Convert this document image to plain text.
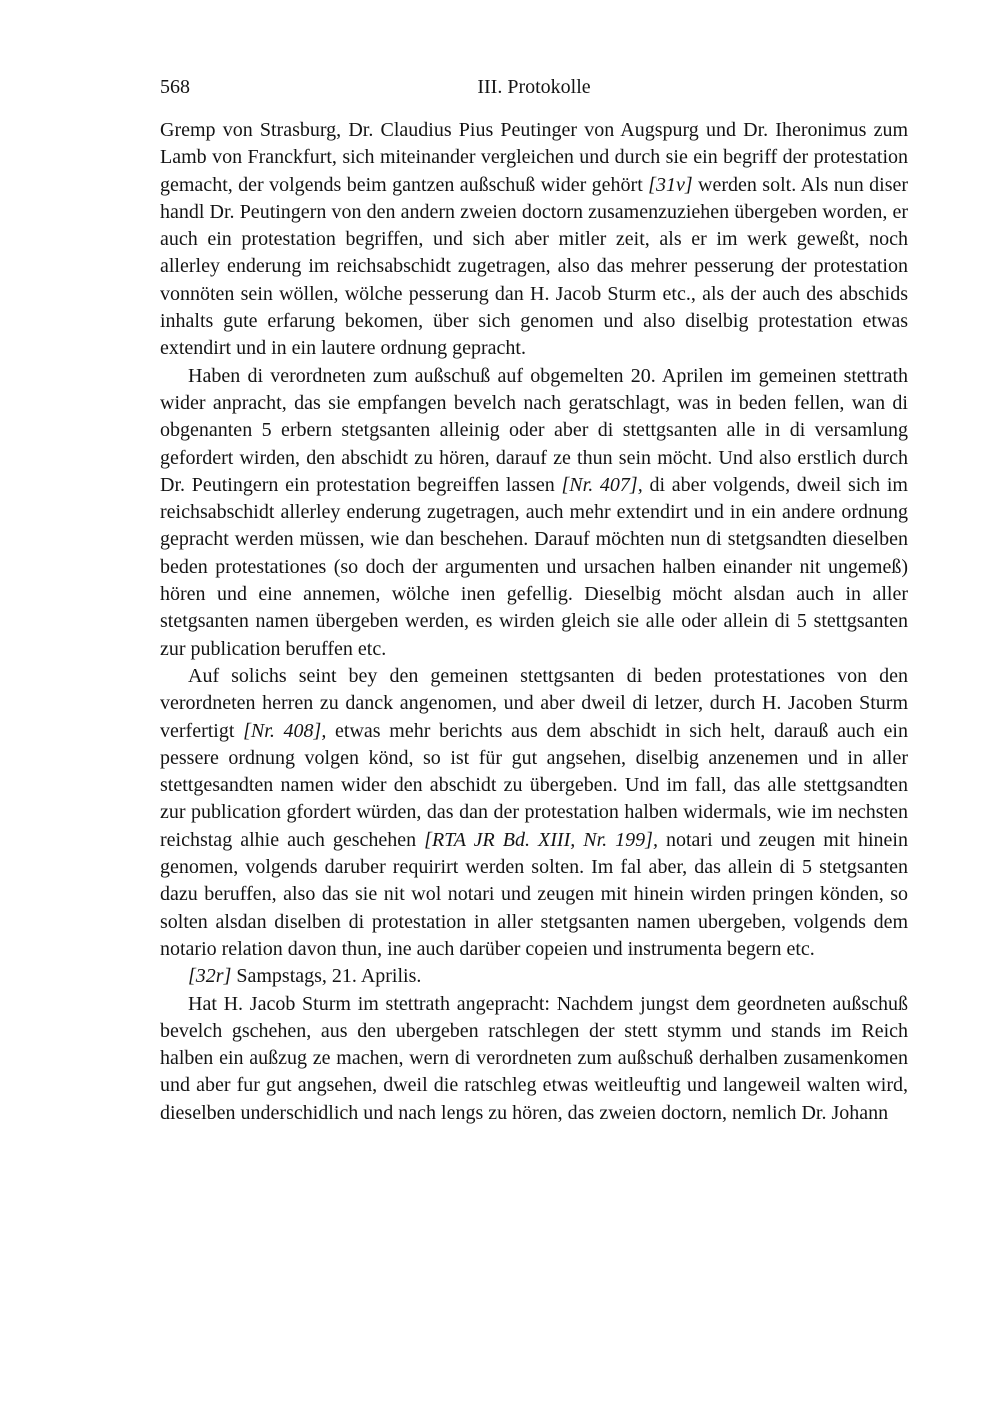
568	III. Protokolle

Gremp von Strasburg, Dr. Claudius Pius Peutinger von Augspurg und Dr. Iheronimus zum Lamb von Franckfurt, sich miteinander vergleichen und durch sie ein begriff der protestation gemacht, der volgends beim gantzen außschuß wider gehört [31v] werden solt. Als nun diser handl Dr. Peutingern von den andern zweien doctorn zusamenzuziehen übergeben worden, er auch ein protestation begriffen, und sich aber mitler zeit, als er im werk geweßt, noch allerley enderung im reichsabschidt zugetragen, also das mehrer pesserung der protestation vonnöten sein wöllen, wölche pesserung dan H. Jacob Sturm etc., als der auch des abschids inhalts gute erfarung bekomen, über sich genomen und also diselbig protestation etwas extendirt und in ein lautere ordnung gepracht.

Haben di verordneten zum außschuß auf obgemelten 20. Aprilen im gemeinen stettrath wider anpracht, das sie empfangen bevelch nach geratschlagt, was in beden fellen, wan di obgenanten 5 erbern stetgsanten alleinig oder aber di stettgsanten alle in di versamlung gefordert wirden, den abschidt zu hören, darauf ze thun sein möcht. Und also erstlich durch Dr. Peutingern ein protestation begreiffen lassen [Nr. 407], di aber volgends, dweil sich im reichsabschidt allerley enderung zugetragen, auch mehr extendirt und in ein andere ordnung gepracht werden müssen, wie dan beschehen. Darauf möchten nun di stetgsandten dieselben beden protestationes (so doch der argumenten und ursachen halben einander nit ungemeß) hören und eine annemen, wölche inen gefellig. Dieselbig möcht alsdan auch in aller stetgsanten namen übergeben werden, es wirden gleich sie alle oder allein di 5 stettgsanten zur publication beruffen etc.

Auf solichs seint bey den gemeinen stettgsanten di beden protestationes von den verordneten herren zu danck angenomen, und aber dweil di letzer, durch H. Jacoben Sturm verfertigt [Nr. 408], etwas mehr berichts aus dem abschidt in sich helt, darauß auch ein pessere ordnung volgen könd, so ist für gut angsehen, diselbig anzenemen und in aller stettgesandten namen wider den abschidt zu übergeben. Und im fall, das alle stettgsandten zur publication gfordert würden, das dan der protestation halben widermals, wie im nechsten reichstag alhie auch geschehen [RTA JR Bd. XIII, Nr. 199], notari und zeugen mit hinein genomen, volgends daruber requirirt werden solten. Im fal aber, das allein di 5 stetgsanten dazu beruffen, also das sie nit wol notari und zeugen mit hinein wirden pringen könden, so solten alsdan diselben di protestation in aller stetgsanten namen ubergeben, volgends dem notario relation davon thun, ine auch darüber copeien und instrumenta begern etc.

[32r] Sampstags, 21. Aprilis.

Hat H. Jacob Sturm im stettrath angepracht: Nachdem jungst dem geordneten außschuß bevelch gschehen, aus den ubergeben ratschlegen der stett stymm und stands im Reich halben ein außzug ze machen, wern di verordneten zum außschuß derhalben zusamenkomen und aber fur gut angsehen, dweil die ratschleg etwas weitleuftig und langeweil walten wird, dieselben underschidlich und nach lengs zu hören, das zweien doctorn, nemlich Dr. Johann
